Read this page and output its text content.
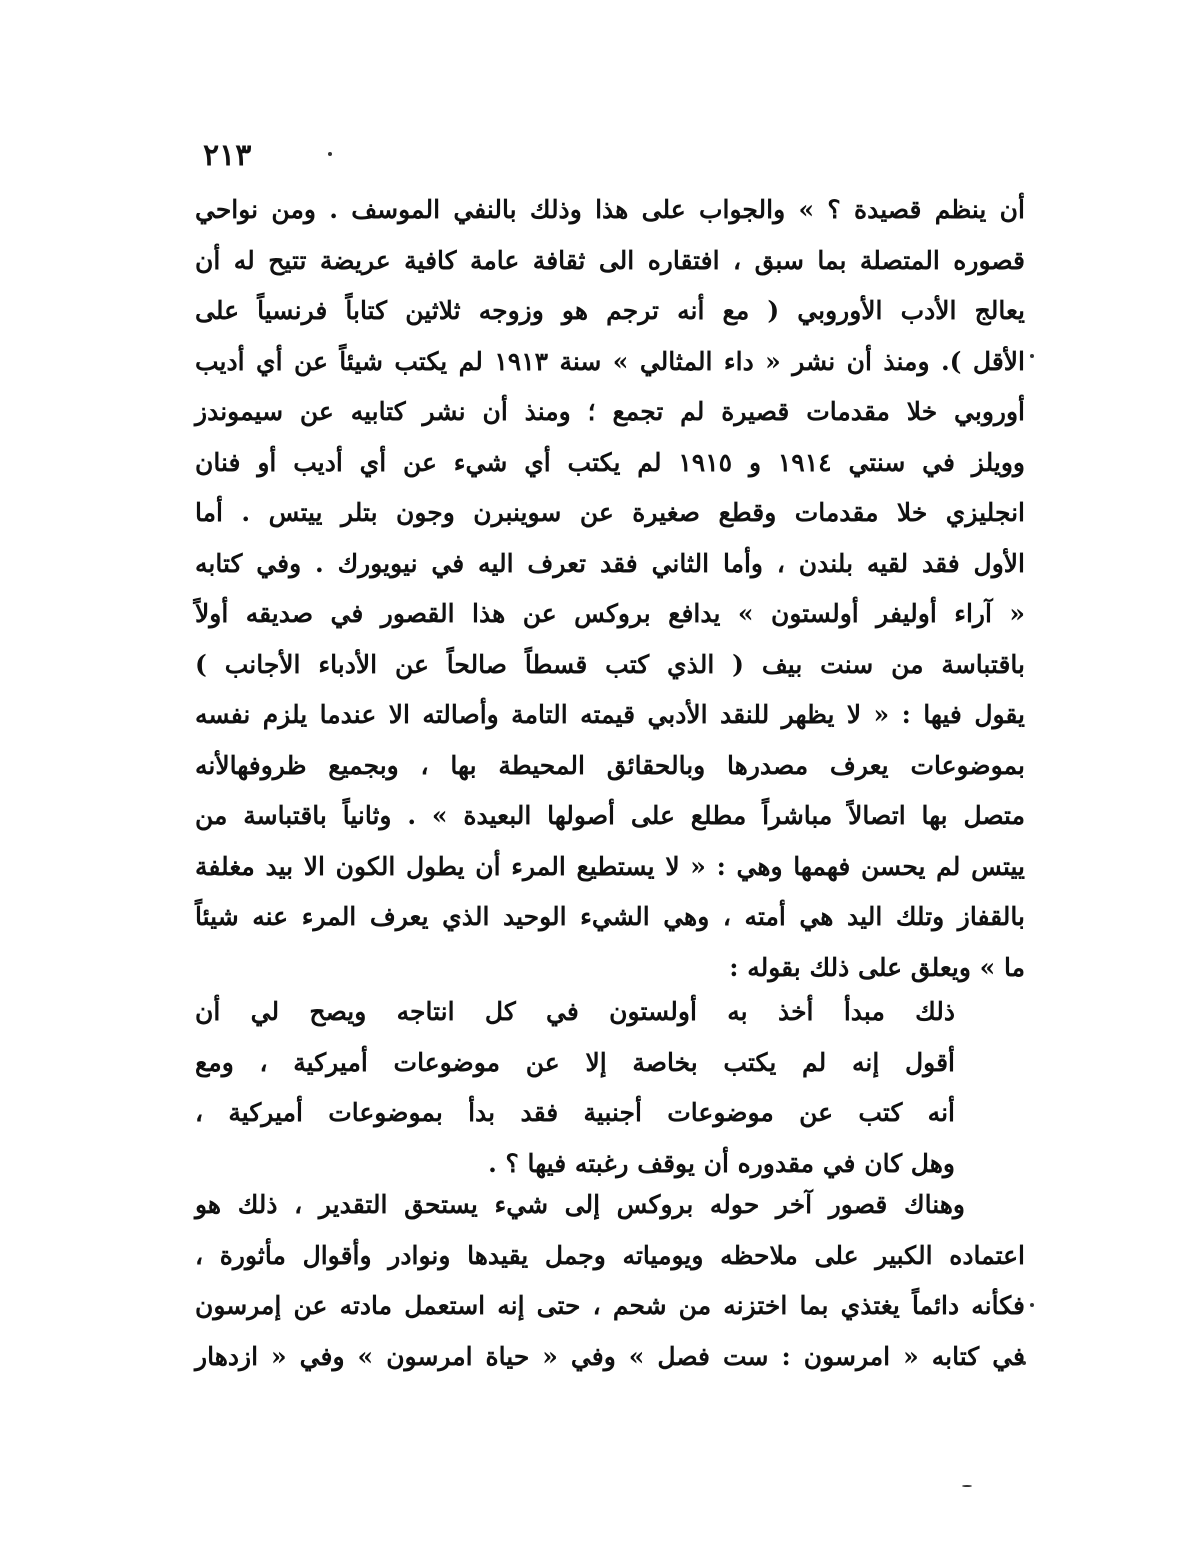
٢١٣
أن ينظم قصيدة ؟ » والجواب على هذا وذلك بالنفي الموسف . ومن نواحي
قصوره المتصلة بما سبق ، افتقاره الى ثقافة عامة كافية عريضة تتيح له أن
يعالج الأدب الأوروبي ( مع أنه ترجم هو وزوجه ثلاثين كتاباً فرنسياً على
الأقل ). ومنذ أن نشر « داء المثالي » سنة ١٩١٣ لم يكتب شيئاً عن أي أديب
أوروبي خلا مقدمات قصيرة لم تجمع ؛ ومنذ أن نشر كتابيه عن سيموندز
وويلز في سنتي ١٩١٤ و ١٩١٥ لم يكتب أي شيء عن أي أديب أو فنان
انجليزي خلا مقدمات وقطع صغيرة عن سوينبرن وجون بتلر ييتس . أما
الأول فقد لقيه بلندن ، وأما الثاني فقد تعرف اليه في نيويورك . وفي كتابه
« آراء أوليفر أولستون » يدافع بروكس عن هذا القصور في صديقه أولاً
باقتباسة من سنت بيف ( الذي كتب قسطاً صالحاً عن الأدباء الأجانب )
يقول فيها : « لا يظهر للنقد الأدبي قيمته التامة وأصالته الا عندما يلزم نفسه
بموضوعات يعرف مصدرها وبالحقائق المحيطة بها ، وبجميع ظروفهالأنه
متصل بها اتصالاً مباشراً مطلع على أصولها البعيدة » . وثانياً باقتباسة من
ييتس لم يحسن فهمها وهي : « لا يستطيع المرء أن يطول الكون الا بيد مغلفة
بالقفاز وتلك اليد هي أمته ، وهي الشيء الوحيد الذي يعرف المرء عنه شيئاً
ما » ويعلق على ذلك بقوله :
ذلك مبدأ أخذ به أولستون في كل انتاجه ويصح لي أن
أقول إنه لم يكتب بخاصة إلا عن موضوعات أميركية ، ومع
أنه كتب عن موضوعات أجنبية فقد بدأ بموضوعات أميركية ،
وهل كان في مقدوره أن يوقف رغبته فيها ؟ .
وهناك قصور آخر حوله بروكس إلى شيء يستحق التقدير ، ذلك هو
اعتماده الكبير على ملاحظه ويومياته وجمل يقيدها ونوادر وأقوال مأثورة ،
فكأنه دائماً يغتذي بما اختزنه من شحم ، حتى إنه استعمل مادته عن إمرسون
في كتابه « امرسون : ست فصل » وفي « حياة امرسون » وفي « ازدهار
